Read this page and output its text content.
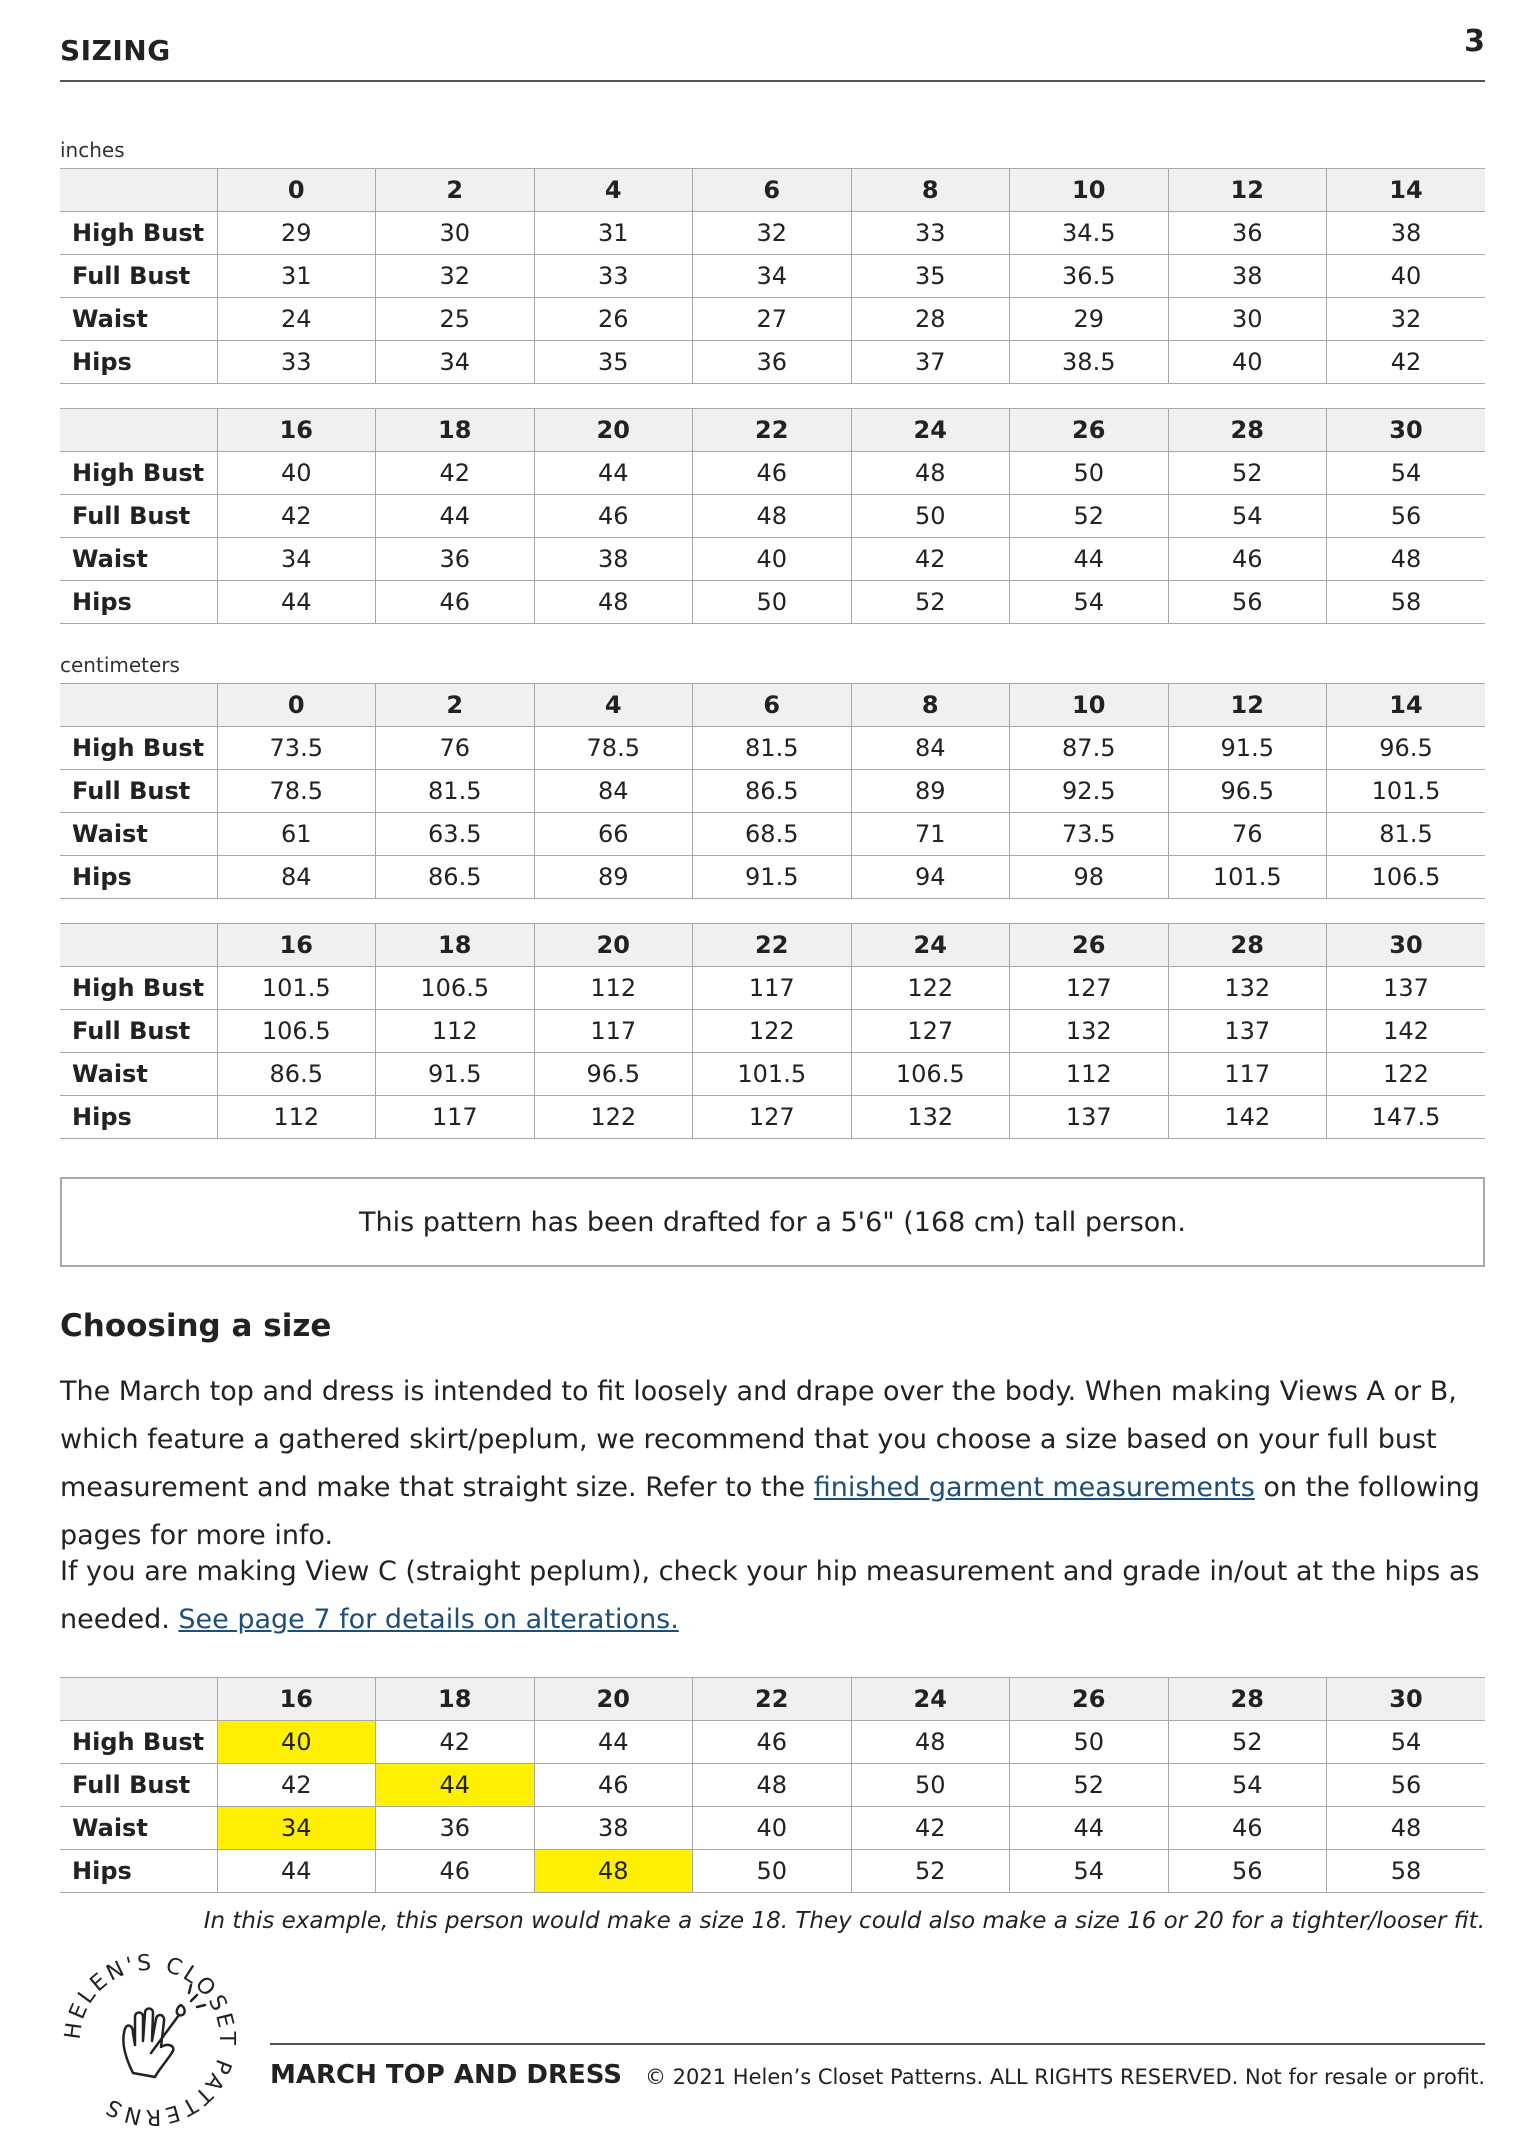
SIZING	3
inches
	0	2	4	6	8	10	12	14
High Bust	29	30	31	32	33	34.5	36	38
Full Bust	31	32	33	34	35	36.5	38	40
Waist	24	25	26	27	28	29	30	32
Hips	33	34	35	36	37	38.5	40	42
	16	18	20	22	24	26	28	30
High Bust	40	42	44	46	48	50	52	54
Full Bust	42	44	46	48	50	52	54	56
Waist	34	36	38	40	42	44	46	48
Hips	44	46	48	50	52	54	56	58
centimeters
	0	2	4	6	8	10	12	14
High Bust	73.5	76	78.5	81.5	84	87.5	91.5	96.5
Full Bust	78.5	81.5	84	86.5	89	92.5	96.5	101.5
Waist	61	63.5	66	68.5	71	73.5	76	81.5
Hips	84	86.5	89	91.5	94	98	101.5	106.5
	16	18	20	22	24	26	28	30
High Bust	101.5	106.5	112	117	122	127	132	137
Full Bust	106.5	112	117	122	127	132	137	142
Waist	86.5	91.5	96.5	101.5	106.5	112	117	122
Hips	112	117	122	127	132	137	142	147.5
This pattern has been drafted for a 5'6" (168 cm) tall person.
Choosing a size

The March top and dress is intended to fit loosely and drape over the body. When making Views A or B, which feature a gathered skirt/peplum, we recommend that you choose a size based on your full bust measurement and make that straight size. Refer to the finished garment measurements on the following pages for more info.

If you are making View C (straight peplum), check your hip measurement and grade in/out at the hips as needed. See page 7 for details on alterations.

	16	18	20	22	24	26	28	30
High Bust	40	42	44	46	48	50	52	54
Full Bust	42	44	46	48	50	52	54	56
Waist	34	36	38	40	42	44	46	48
Hips	44	46	48	50	52	54	56	58
In this example, this person would make a size 18. They could also make a size 16 or 20 for a tighter/looser fit.
HELEN'S CLOSET PATTERNS
MARCH TOP AND DRESS © 2021 Helen’s Closet Patterns. ALL RIGHTS RESERVED. Not for resale or profit.
